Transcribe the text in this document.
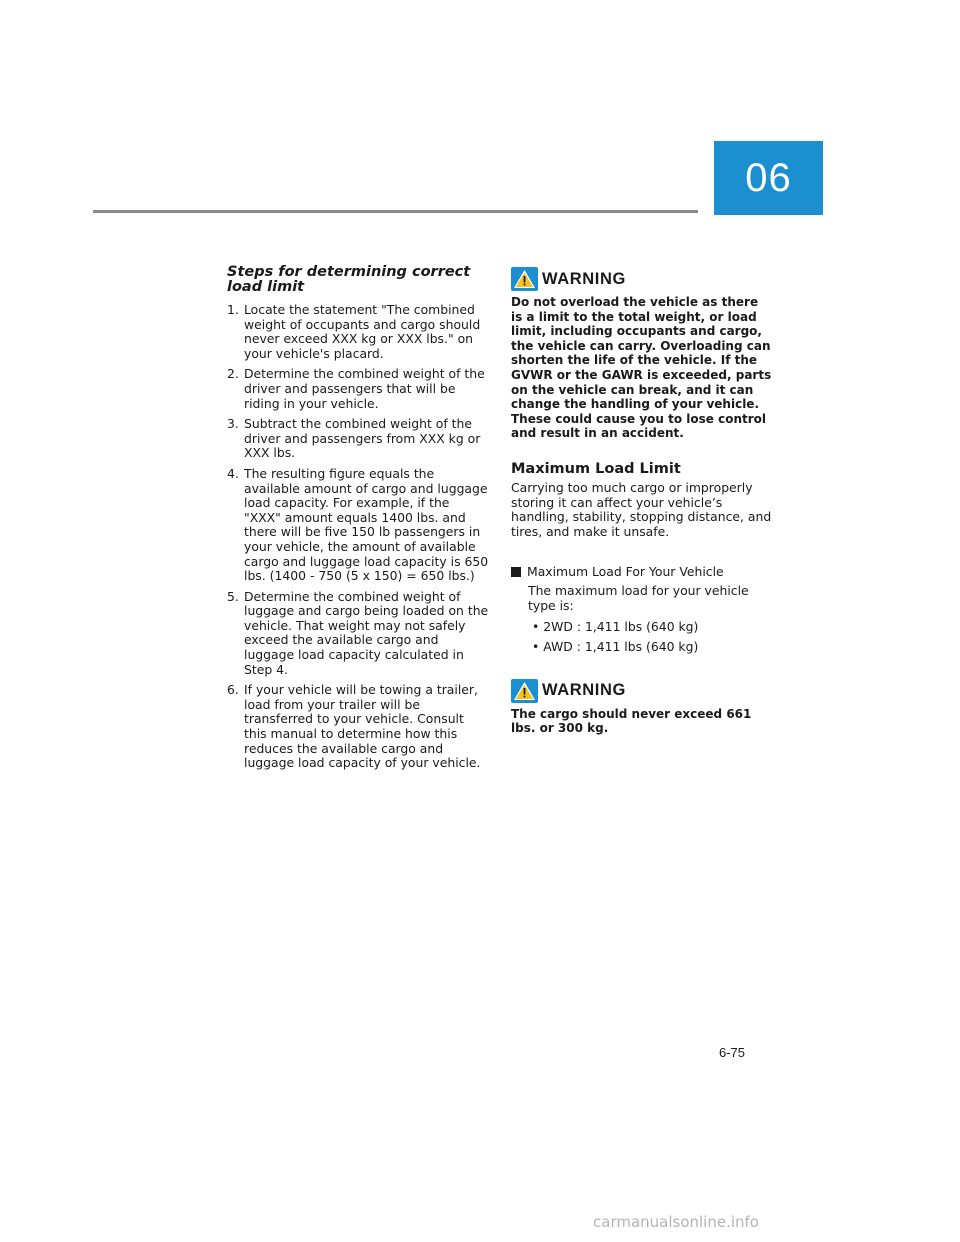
06
Steps for determining correct load limit
1. Locate the statement "The combined weight of occupants and cargo should never exceed XXX kg or XXX lbs." on your vehicle's placard.
2. Determine the combined weight of the driver and passengers that will be riding in your vehicle.
3. Subtract the combined weight of the driver and passengers from XXX kg or XXX lbs.
4. The resulting figure equals the available amount of cargo and luggage load capacity. For example, if the "XXX" amount equals 1400 lbs. and there will be five 150 lb passengers in your vehicle, the amount of available cargo and luggage load capacity is 650 lbs. (1400 - 750 (5 x 150) = 650 lbs.)
5. Determine the combined weight of luggage and cargo being loaded on the vehicle. That weight may not safely exceed the available cargo and luggage load capacity calculated in Step 4.
6. If your vehicle will be towing a trailer, load from your trailer will be transferred to your vehicle. Consult this manual to determine how this reduces the available cargo and luggage load capacity of your vehicle.
WARNING

Do not overload the vehicle as there is a limit to the total weight, or load limit, including occupants and cargo, the vehicle can carry. Overloading can shorten the life of the vehicle. If the GVWR or the GAWR is exceeded, parts on the vehicle can break, and it can change the handling of your vehicle. These could cause you to lose control and result in an accident.

Maximum Load Limit

Carrying too much cargo or improperly storing it can affect your vehicle’s handling, stability, stopping distance, and tires, and make it unsafe.

Maximum Load For Your Vehicle

The maximum load for your vehicle type is:

• 2WD : 1,411 lbs (640 kg)
• AWD : 1,411 lbs (640 kg)
WARNING

The cargo should never exceed 661 lbs. or 300 kg.

6-75
carmanualsonline.info
